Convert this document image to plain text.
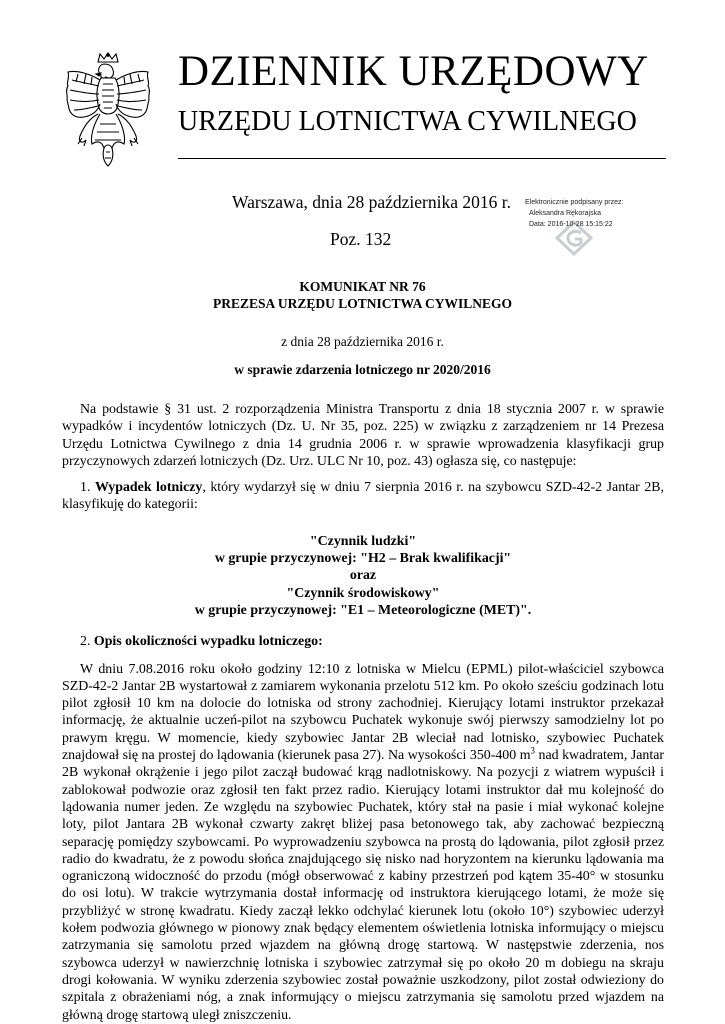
DZIENNIK URZĘDOWY
URZĘDU LOTNICTWA CYWILNEGO
Warszawa, dnia 28 października 2016 r.
Poz. 132
Elektronicznie podpisany przez:
Aleksandra Rękorajska
Data: 2016-10-28 15:15:22
KOMUNIKAT NR 76
PREZESA URZĘDU LOTNICTWA CYWILNEGO
z dnia 28 października 2016 r.
w sprawie zdarzenia lotniczego nr 2020/2016

Na podstawie § 31 ust. 2 rozporządzenia Ministra Transportu z dnia 18 stycznia 2007 r. w sprawie wypadków i incydentów lotniczych (Dz. U. Nr 35, poz. 225) w związku z zarządzeniem nr 14 Prezesa Urzędu Lotnictwa Cywilnego z dnia 14 grudnia 2006 r. w sprawie wprowadzenia klasyfikacji grup przyczynowych zdarzeń lotniczych (Dz. Urz. ULC Nr 10, poz. 43) ogłasza się, co następuje:

1. Wypadek lotniczy, który wydarzył się w dniu 7 sierpnia 2016 r. na szybowcu SZD-42-2 Jantar 2B, klasyfikuję do kategorii:

"Czynnik ludzki"
w grupie przyczynowej: "H2 – Brak kwalifikacji"
oraz
"Czynnik środowiskowy"
w grupie przyczynowej: "E1 – Meteorologiczne (MET)".

2. Opis okoliczności wypadku lotniczego:

W dniu 7.08.2016 roku około godziny 12:10 z lotniska w Mielcu (EPML) pilot-właściciel szybowca SZD-42-2 Jantar 2B wystartował z zamiarem wykonania przelotu 512 km. Po około sześciu godzinach lotu pilot zgłosił 10 km na dolocie do lotniska od strony zachodniej. Kierujący lotami instruktor przekazał informację, że aktualnie uczeń-pilot na szybowcu Puchatek wykonuje swój pierwszy samodzielny lot po prawym kręgu. W momencie, kiedy szybowiec Jantar 2B wleciał nad lotnisko, szybowiec Puchatek znajdował się na prostej do lądowania (kierunek pasa 27). Na wysokości 350-400 $m^3$ nad kwadratem, Jantar 2B wykonał okrążenie i jego pilot zaczął budować krąg nadlotniskowy. Na pozycji z wiatrem wypuścił i zablokował podwozie oraz zgłosił ten fakt przez radio. Kierujący lotami instruktor dał mu kolejność do lądowania numer jeden. Ze względu na szybowiec Puchatek, który stał na pasie i miał wykonać kolejne loty, pilot Jantara 2B wykonał czwarty zakręt bliżej pasa betonowego tak, aby zachować bezpieczną separację pomiędzy szybowcami. Po wyprowadzeniu szybowca na prostą do lądowania, pilot zgłosił przez radio do kwadratu, że z powodu słońca znajdującego się nisko nad horyzontem na kierunku lądowania ma ograniczoną widoczność do przodu (mógł obserwować z kabiny przestrzeń pod kątem 35-40° w stosunku do osi lotu). W trakcie wytrzymania dostał informację od instruktora kierującego lotami, że może się przybliżyć w stronę kwadratu. Kiedy zaczął lekko odchylać kierunek lotu (około 10°) szybowiec uderzył kołem podwozia głównego w pionowy znak będący elementem oświetlenia lotniska informujący o miejscu zatrzymania się samolotu przed wjazdem na główną drogę startową. W następstwie zderzenia, nos szybowca uderzył w nawierzchnię lotniska i szybowiec zatrzymał się po około 20 m dobiegu na skraju drogi kołowania. W wyniku zderzenia szybowiec został poważnie uszkodzony, pilot został odwieziony do szpitala z obrażeniami nóg, a znak informujący o miejscu zatrzymania się samolotu przed wjazdem na główną drogę startową uległ zniszczeniu.
